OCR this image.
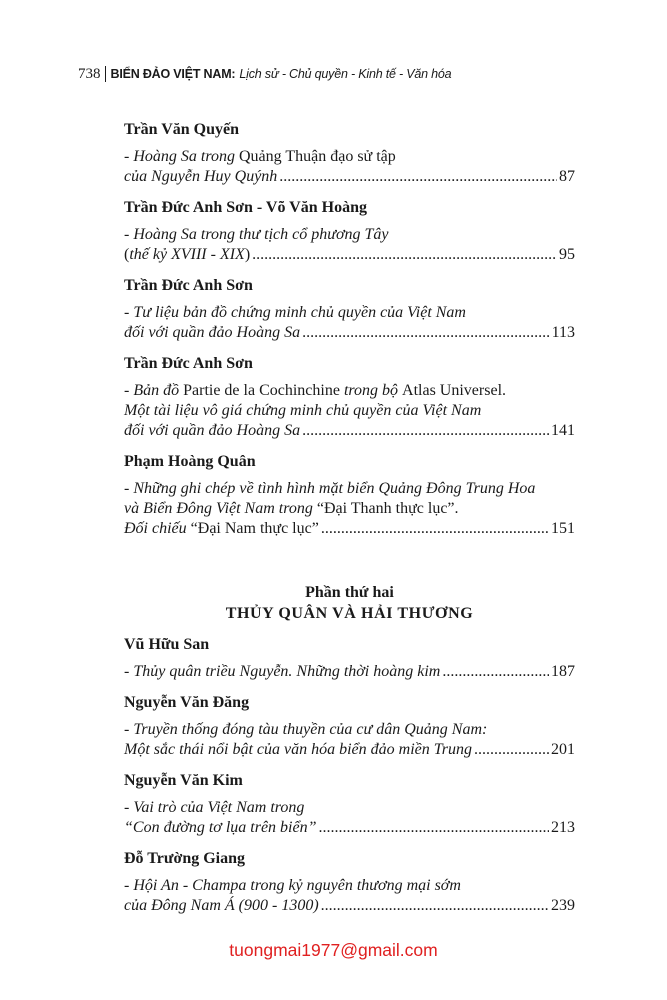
738 BIỂN ĐẢO VIỆT NAM: Lịch sử - Chủ quyền - Kinh tế - Văn hóa
Trần Văn Quyến
- Hoàng Sa trong Quảng Thuận đạo sử tập
của Nguyễn Huy Quýnh .....	87
Trần Đức Anh Sơn - Võ Văn Hoàng
- Hoàng Sa trong thư tịch cổ phương Tây
(thế kỷ XVIII - XIX) .....	95
Trần Đức Anh Sơn
- Tư liệu bản đồ chứng minh chủ quyền của Việt Nam
đối với quần đảo Hoàng Sa .....	113
Trần Đức Anh Sơn
- Bản đồ Partie de la Cochinchine trong bộ Atlas Universel.
Một tài liệu vô giá chứng minh chủ quyền của Việt Nam
đối với quần đảo Hoàng Sa .....	141
Phạm Hoàng Quân
- Những ghi chép về tình hình mặt biển Quảng Đông Trung Hoa
và Biển Đông Việt Nam trong “Đại Thanh thực lục”.
Đối chiếu “Đại Nam thực lục” .....	151
Phần thứ hai
THỦY QUÂN VÀ HẢI THƯƠNG
Vũ Hữu San
- Thủy quân triều Nguyễn. Những thời hoàng kim .....	187
Nguyễn Văn Đăng
- Truyền thống đóng tàu thuyền của cư dân Quảng Nam:
Một sắc thái nổi bật của văn hóa biển đảo miền Trung .....	201
Nguyễn Văn Kim
- Vai trò của Việt Nam trong
“Con đường tơ lụa trên biển” .....	213
Đỗ Trường Giang
- Hội An - Champa trong kỷ nguyên thương mại sớm
của Đông Nam Á (900 - 1300) .....	239
tuongmai1977@gmail.com
